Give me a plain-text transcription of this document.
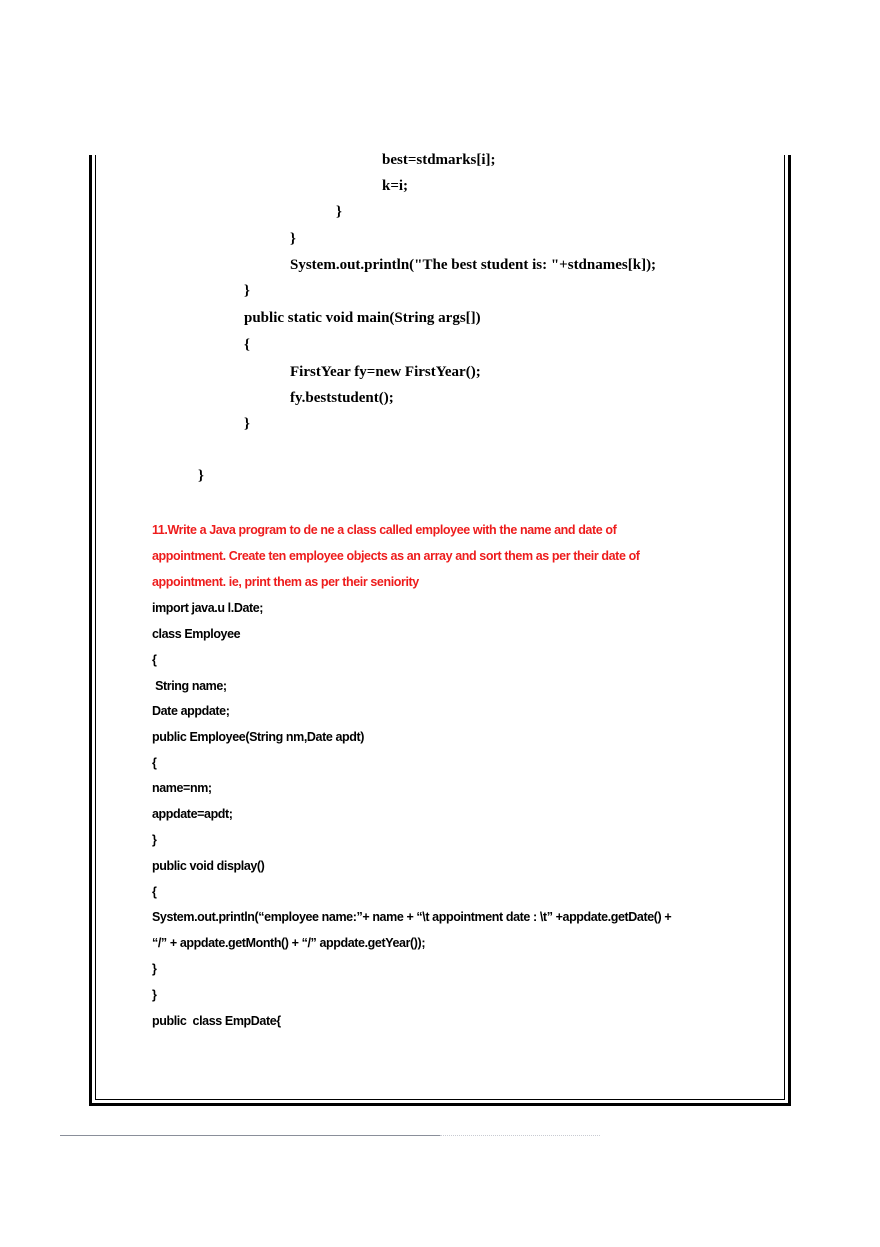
best=stdmarks[i];
k=i;
}
}
System.out.println("The best student is: "+stdnames[k]);
}
public static void main(String args[])
{
FirstYear fy=new FirstYear();
fy.beststudent();
}
}
11.Write a Java program to de ne a class called employee with the name and date of
appointment. Create ten employee objects as an array and sort them as per their date of
appointment. ie, print them as per their seniority
import java.u l.Date;
class Employee
{
String name;
Date appdate;
public Employee(String nm,Date apdt)
{
name=nm;
appdate=apdt;
}
public void display()
{
System.out.println(“employee name:”+ name + “\t appointment date : \t” +appdate.getDate() +
“/” + appdate.getMonth() + “/” appdate.getYear());
}
}
public  class EmpDate{
